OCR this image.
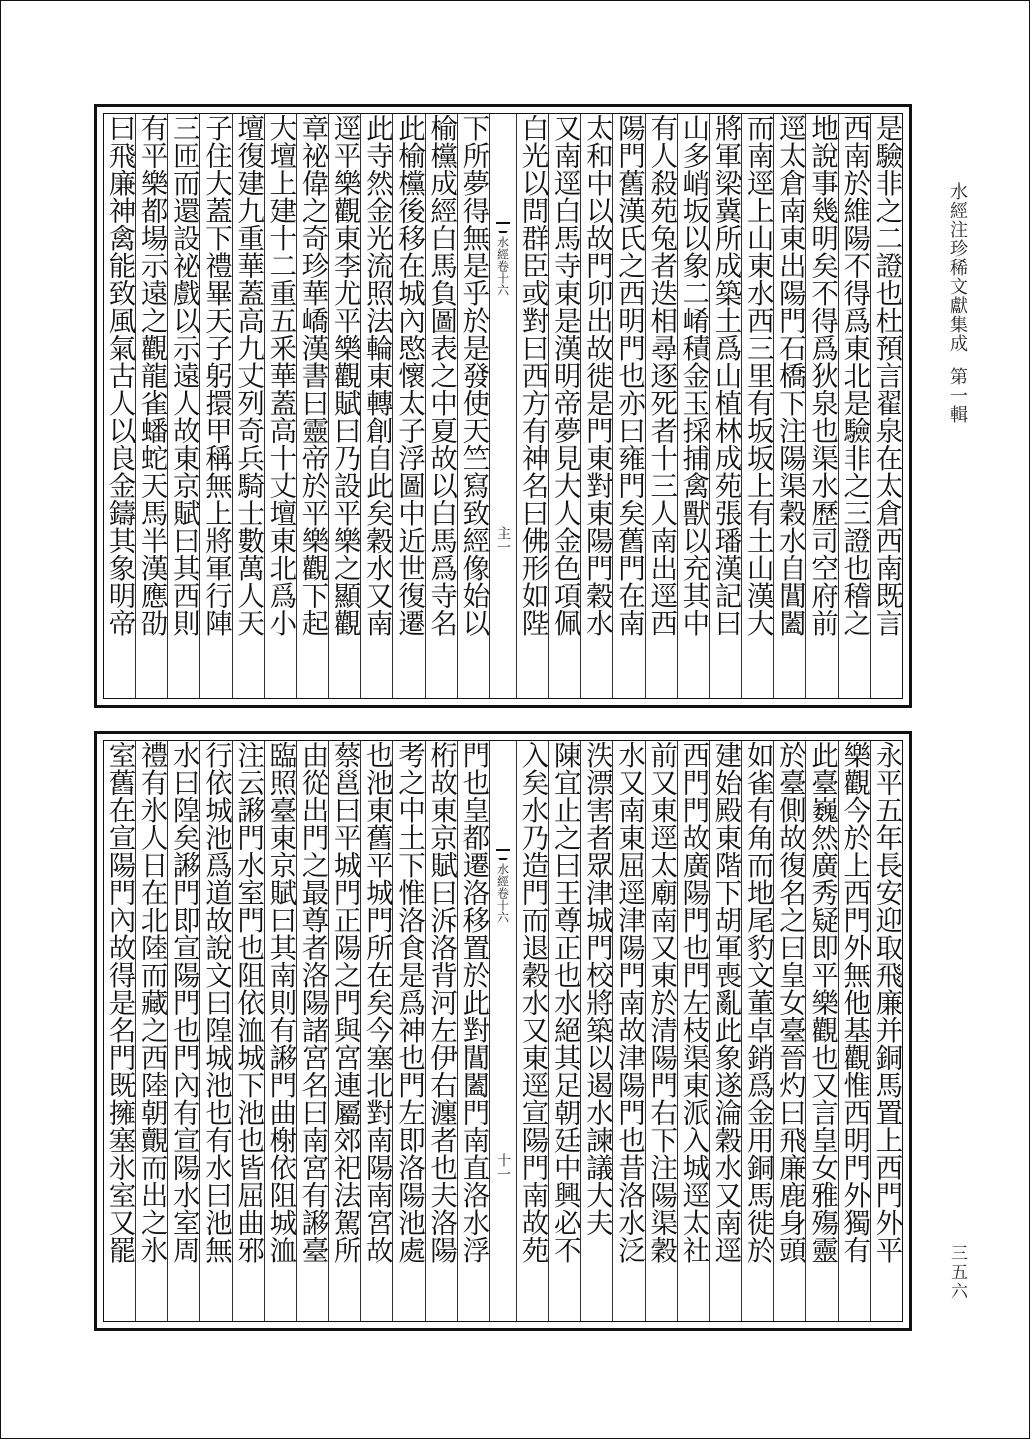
水經注珍稀文獻集成第一輯
是驗非之二證也杜預言翟泉在太倉西南既言
西南於維陽不得爲東北是驗非之三證也稽之
地說事幾明矣不得爲狄泉也渠水歷司空府前
逕太倉南東出陽門石橋下注陽渠穀水自閶闔
而南逕上山東水西三里有坂坂上有土山漢大
將軍梁冀所成築土爲山植林成苑張璠漢記曰
山多峭坂以象二崤積金玉採捕禽獸以充其中
有人殺苑兔者迭相尋逐死者十三人南出逕西
陽門舊漢氏之西明門也亦曰雍門矣舊門在南
太和中以故門卯出故徙是門東對東陽門穀水
又南逕白馬寺東是漢明帝夢見大人金色項佩
白光以問群臣或對曰西方有神名曰佛形如陛
水經卷十六
主一
下所夢得無是乎於是發使天竺寫致經像始以
榆欓成經白馬負圖表之中夏故以白馬爲寺名
此榆欓後移在城內愍懷太子浮圖中近世復遷
此寺然金光流照法輪東轉創自此矣穀水又南
逕平樂觀東李尤平樂觀賦曰乃設平樂之顯觀
章祕偉之奇珍華嶠漢書曰靈帝於平樂觀下起
大壇上建十二重五釆華蓋高十丈壇東北爲小
壇復建九重華蓋高九丈列奇兵騎士數萬人天
子住大蓋下禮畢天子躬擐甲稱無上將軍行陣
三匝而還設祕戲以示遠人故東京賦曰其西則
有平樂都場示遠之觀龍雀蟠蛇天馬半漢應劭
曰飛廉神禽能致風氣古人以良金鑄其象明帝
永平五年長安迎取飛廉并銅馬置上西門外平
樂觀今於上西門外無他基觀惟西明門外獨有
此臺巍然廣秀疑即平樂觀也又言皇女雅殤靈
於臺側故復名之曰皇女臺晉灼曰飛廉鹿身頭
如雀有角而地尾豹文董卓銷爲金用銅馬徙於
建始殿東階下胡軍喪亂此象遂淪穀水又南逕
西門門故廣陽門也門左枝渠東派入城逕太社
前又東逕太廟南又東於清陽門右下注陽渠穀
水又南東屈逕津陽門南故津陽門也昔洛水泛
泆漂害者眾津城門校將築以遏水諫議大夫
陳宜止之曰王尊正也水絕其足朝廷中興必不
入矣水乃造門而退穀水又東逕宣陽門南故苑
水經卷十六
十一
門也皇都遷洛移置於此對閶闔門南直洛水浮
桁故東京賦曰泝洛背河左伊右瀍者也夫洛陽
考之中土下惟洛食是爲神也門左即洛陽池處
也池東舊平城門所在矣今塞北對南陽南宮故
蔡邕曰平城門正陽之門與宮連屬郊祀法駕所
由從出門之最尊者洛陽諸宮名曰南宮有謻臺
臨照臺東京賦曰其南則有謻門曲榭依阻城洫
注云謻門水室門也阻依洫城下池也皆屈曲邪
行依城池爲道故說文曰隍城池也有水曰池無
水曰隍矣謻門即宣陽門也門內有宣陽水室周
禮有氷人日在北陸而藏之西陸朝覿而出之氷
室舊在宣陽門內故得是名門既擁塞氷室又罷
三五六
